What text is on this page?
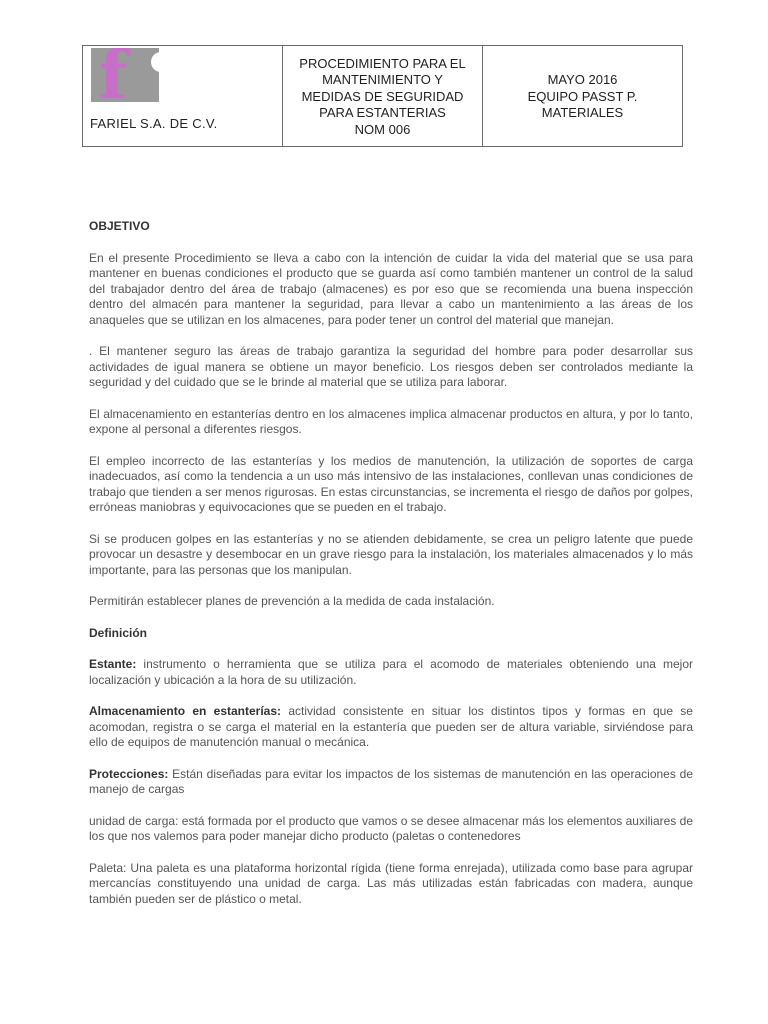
f
FARIEL S.A. DE C.V.
PROCEDIMIENTO PARA EL
MANTENIMIENTO Y
MEDIDAS DE SEGURIDAD
PARA ESTANTERIAS
NOM 006
MAYO 2016
EQUIPO PASST P.
MATERIALES
OBJETIVO

En el presente Procedimiento se lleva a cabo con la intención de cuidar la vida del material que se usa para mantener en buenas condiciones el producto que se guarda así como también mantener un control de la salud del trabajador dentro del área de trabajo (almacenes) es por eso que se recomienda una buena inspección dentro del almacén para mantener la seguridad, para llevar a cabo un mantenimiento a las áreas de los anaqueles que se utilizan en los almacenes, para poder tener un control del material que manejan.

. El mantener seguro las áreas de trabajo garantiza la seguridad del hombre para poder desarrollar sus actividades de igual manera se obtiene un mayor beneficio. Los riesgos deben ser controlados mediante la seguridad y del cuidado que se le brinde al material que se utiliza para laborar.

El almacenamiento en estanterías dentro en los almacenes implica almacenar productos en altura, y por lo tanto, expone al personal a diferentes riesgos.

El empleo incorrecto de las estanterías y los medios de manutención, la utilización de soportes de carga inadecuados, así como la tendencia a un uso más intensivo de las instalaciones, conllevan unas condiciones de trabajo que tienden a ser menos rigurosas. En estas circunstancias, se incrementa el riesgo de daños por golpes, erróneas maniobras y equivocaciones que se pueden en el trabajo.

Si se producen golpes en las estanterías y no se atienden debidamente, se crea un peligro latente que puede provocar un desastre y desembocar en un grave riesgo para la instalación, los materiales almacenados y lo más importante, para las personas que los manipulan.

Permitirán establecer planes de prevención a la medida de cada instalación.

Definición

Estante: instrumento o herramienta que se utiliza para el acomodo de materiales obteniendo una mejor localización y ubicación a la hora de su utilización.

Almacenamiento en estanterías: actividad consistente en situar los distintos tipos y formas en que se acomodan, registra o se carga el material en la estantería que pueden ser de altura variable, sirviéndose para ello de equipos de manutención manual o mecánica.

Protecciones: Están diseñadas para evitar los impactos de los sistemas de manutención en las operaciones de manejo de cargas

unidad de carga: está formada por el producto que vamos o se desee almacenar más los elementos auxiliares de los que nos valemos para poder manejar dicho producto (paletas o contenedores

Paleta: Una paleta es una plataforma horizontal rígida (tiene forma enrejada), utilizada como base para agrupar mercancías constituyendo una unidad de carga. Las más utilizadas están fabricadas con madera, aunque también pueden ser de plástico o metal.
